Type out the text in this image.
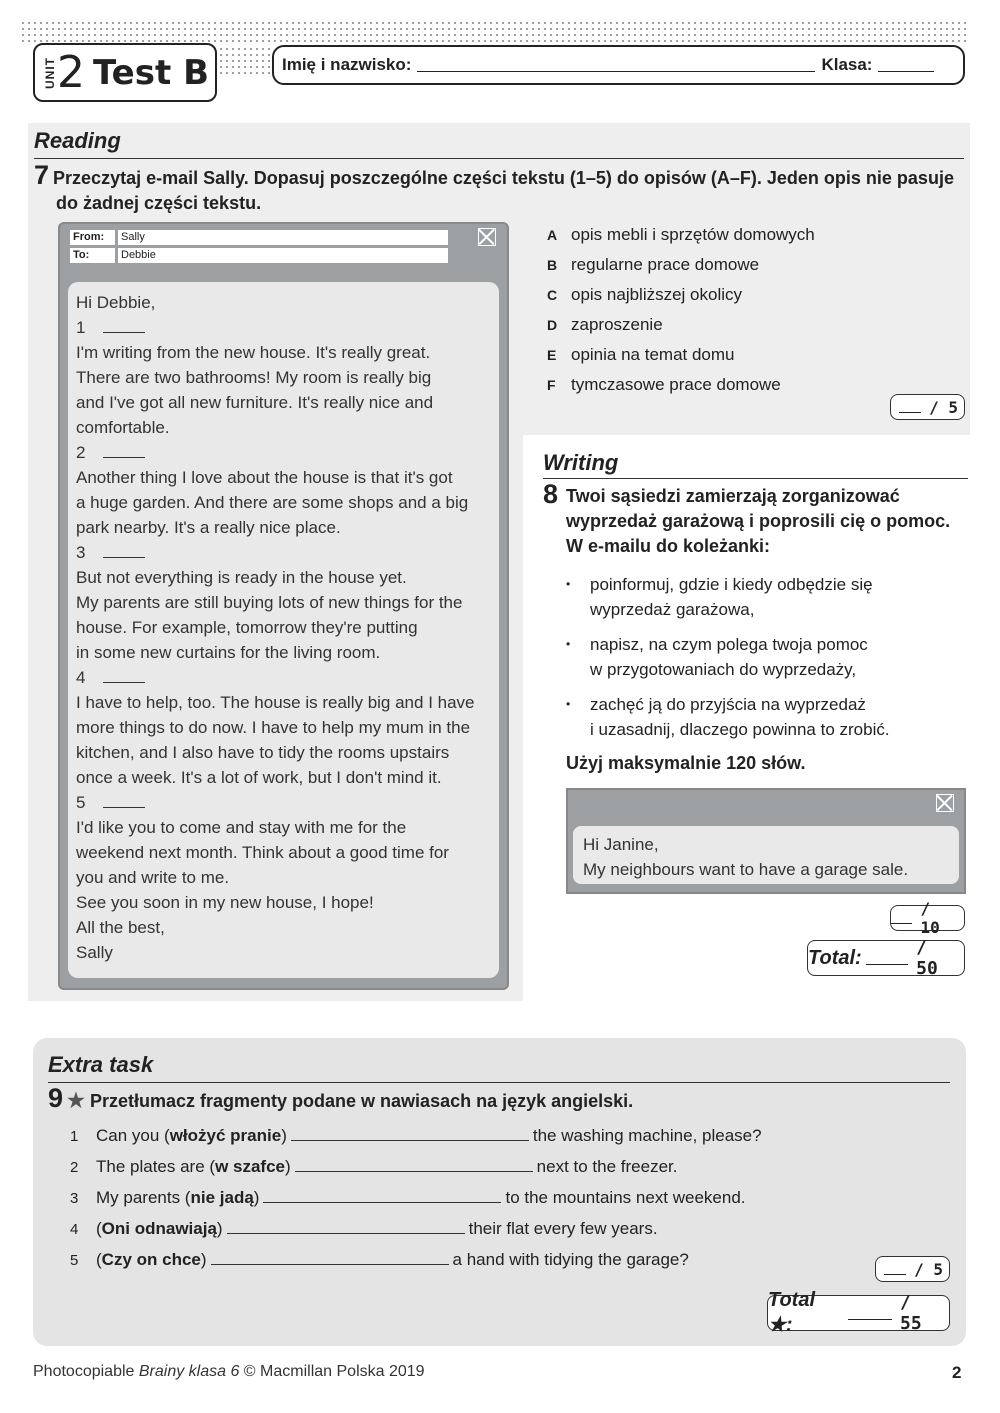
UNIT 2 Test B	Imię i nazwisko:	Klasa:
Reading
7 Przeczytaj e-mail Sally. Dopasuj poszczególne części tekstu (1–5) do opisów (A–F). Jeden opis nie pasuje do żadnej części tekstu.
From:	Sally
To:	Debbie
Hi Debbie,
1
I'm writing from the new house. It's really great.
There are two bathrooms! My room is really big
and I've got all new furniture. It's really nice and
comfortable.
2
Another thing I love about the house is that it's got
a huge garden. And there are some shops and a big
park nearby. It's a really nice place.
3
But not everything is ready in the house yet.
My parents are still buying lots of new things for the
house. For example, tomorrow they're putting
in some new curtains for the living room.
4
I have to help, too. The house is really big and I have
more things to do now. I have to help my mum in the
kitchen, and I also have to tidy the rooms upstairs
once a week. It's a lot of work, but I don't mind it.
5
I'd like you to come and stay with me for the
weekend next month. Think about a good time for
you and write to me.
See you soon in my new house, I hope!
All the best,
Sally
A opis mebli i sprzętów domowych
B regularne prace domowe
C opis najbliższej okolicy
D zaproszenie
E opinia na temat domu
F tymczasowe prace domowe
/ 5
Writing
8 Twoi sąsiedzi zamierzają zorganizować
wyprzedaż garażową i poprosili cię o pomoc.
W e-mailu do koleżanki:
• poinformuj, gdzie i kiedy odbędzie się
wyprzedaż garażowa,
• napisz, na czym polega twoja pomoc
w przygotowaniach do wyprzedaży,
• zachęć ją do przyjścia na wyprzedaż
i uzasadnij, dlaczego powinna to zrobić.
Użyj maksymalnie 120 słów.
Hi Janine,
My neighbours want to have a garage sale.
/ 10
Total:	/ 50
Extra task
9 ★ Przetłumacz fragmenty podane w nawiasach na język angielski.
1	Can you ( włożyć pranie )	the washing machine, please?
2	The plates are ( w szafce )	next to the freezer.
3	My parents ( nie jadą )	to the mountains next weekend.
4	( Oni odnawiają )	their flat every few years.
5	( Czy on chce )	a hand with tidying the garage?	/ 5
Total ★:
/ 55
Photocopiable Brainy klasa 6 © Macmillan Polska 2019	2
